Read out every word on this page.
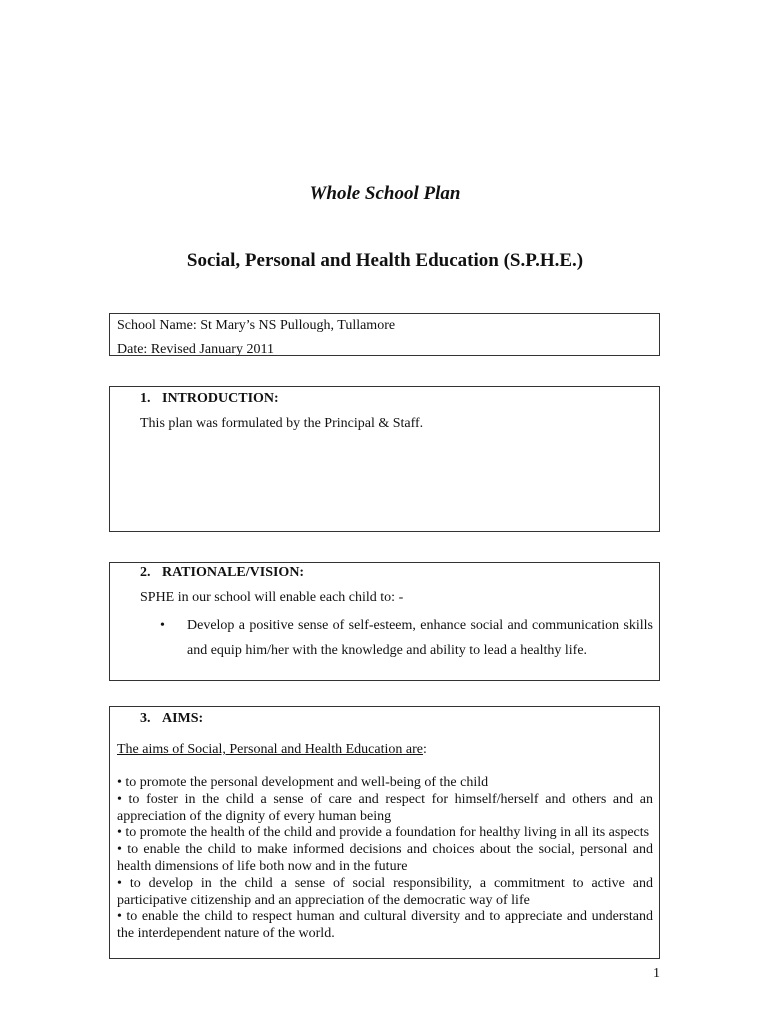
Whole School Plan
Social, Personal and Health Education (S.P.H.E.)
School Name: St Mary’s NS Pullough, Tullamore
Date: Revised January 2011
1. INTRODUCTION:
This plan was formulated by the Principal & Staff.
2. RATIONALE/VISION:
SPHE in our school will enable each child to: -
• Develop a positive sense of self-esteem, enhance social and communication skills and equip him/her with the knowledge and ability to lead a healthy life.
3. AIMS:
The aims of Social, Personal and Health Education are:
• to promote the personal development and well-being of the child
• to foster in the child a sense of care and respect for himself/herself and others and an appreciation of the dignity of every human being
• to promote the health of the child and provide a foundation for healthy living in all its aspects
• to enable the child to make informed decisions and choices about the social, personal and health dimensions of life both now and in the future
• to develop in the child a sense of social responsibility, a commitment to active and participative citizenship and an appreciation of the democratic way of life
• to enable the child to respect human and cultural diversity and to appreciate and understand the interdependent nature of the world.
1
